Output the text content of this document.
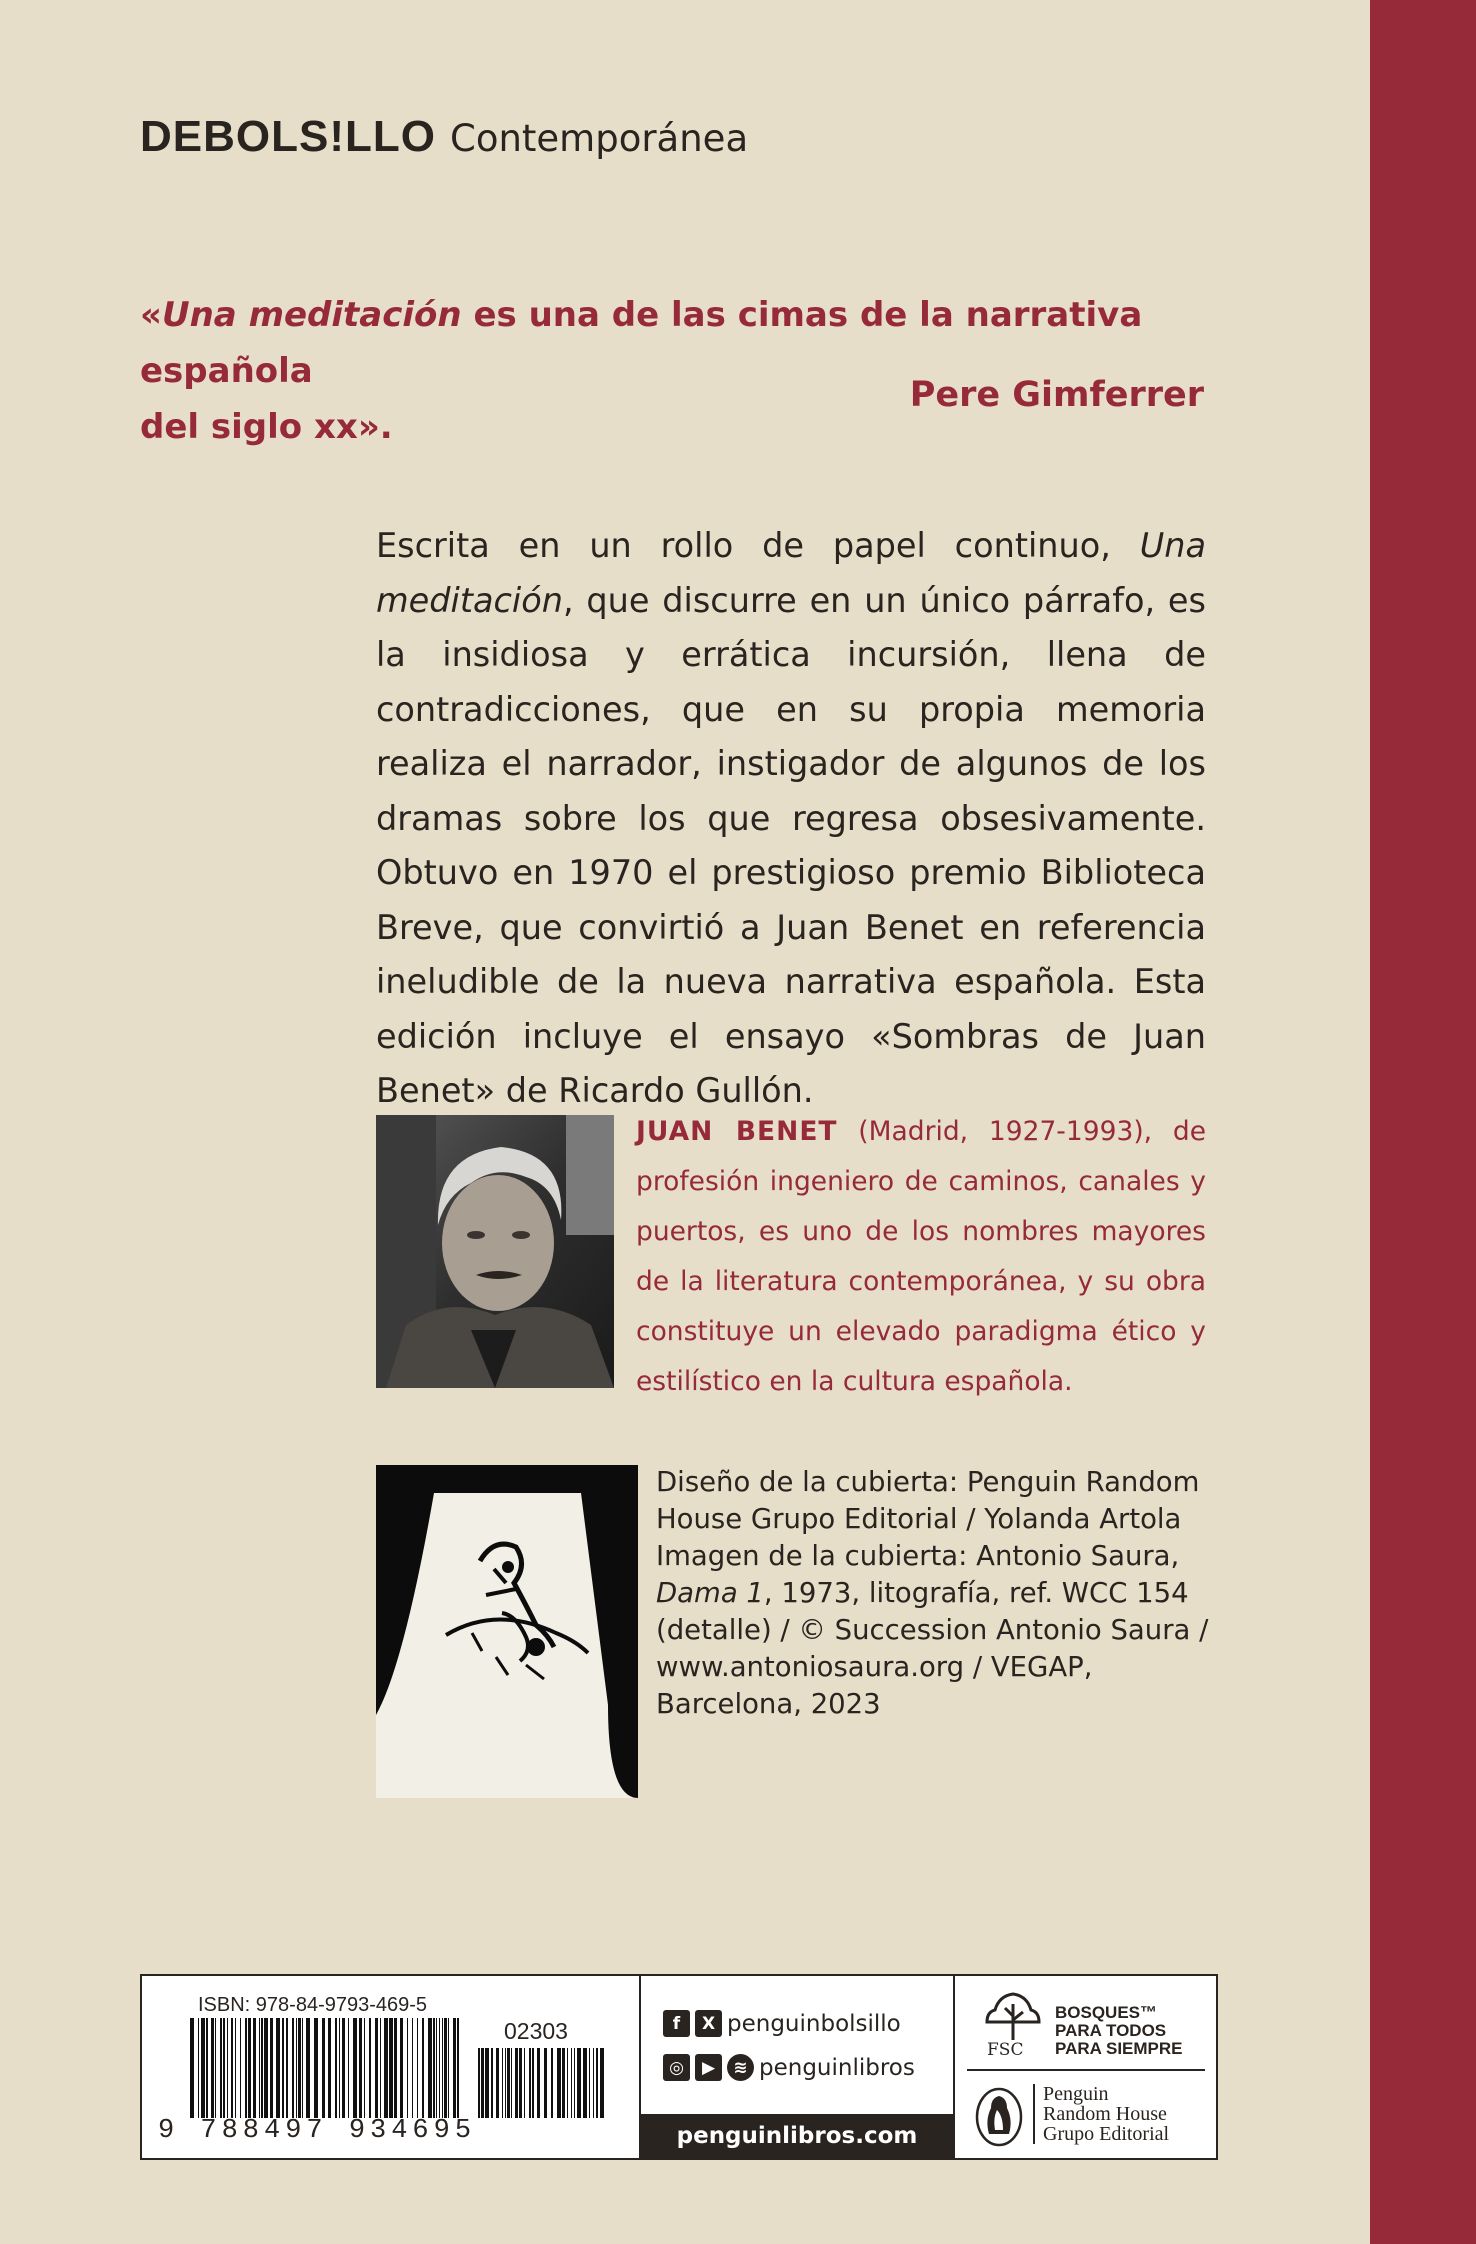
DEBOLS!LLO Contemporánea
«Una meditación es una de las cimas de la narrativa española
del siglo xx».
Pere Gimferrer
Escrita en un rollo de papel continuo, Una meditación, que discurre en un único párrafo, es la insidiosa y errática incursión, llena de contradicciones, que en su propia memoria realiza el narrador, instigador de algunos de los dramas sobre los que regresa obsesivamente. Obtuvo en 1970 el prestigioso premio Biblioteca Breve, que convirtió a Juan Benet en referencia ineludible de la nueva narrativa española. Esta edición incluye el ensayo «Sombras de Juan Benet» de Ricardo Gullón.
JUAN BENET (Madrid, 1927-1993), de profesión ingeniero de caminos, canales y puertos, es uno de los nombres mayores de la literatura contemporánea, y su obra constituye un elevado paradigma ético y estilístico en la cultura española.
Diseño de la cubierta: Penguin Random
House Grupo Editorial / Yolanda Artola
Imagen de la cubierta: Antonio Saura,
Dama 1, 1973, litografía, ref. WCC 154
(detalle) / © Succession Antonio Saura /
www.antoniosaura.org / VEGAP,
Barcelona, 2023
ISBN: 978-84-9793-469-5
02303
9 788497 934695
f	X penguinbolsillo
◎	▶	≋ penguinlibros
penguinlibros.com
FSC
BOSQUES™
PARA TODOS
PARA SIEMPRE
Penguin
Random House
Grupo Editorial
